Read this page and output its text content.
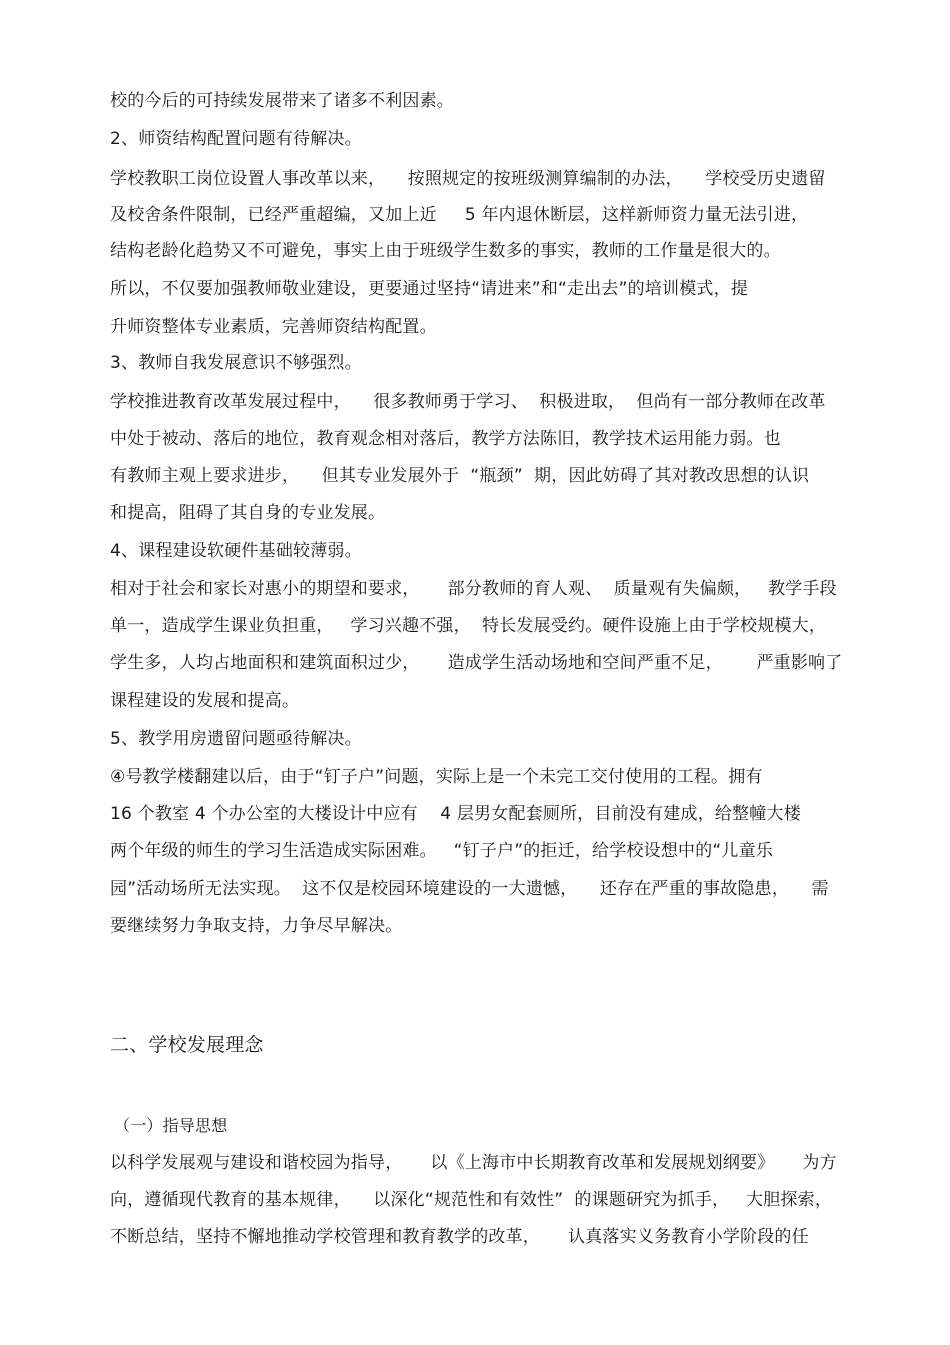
校的今后的可持续发展带来了诸多不利因素。
2、师资结构配置问题有待解决。
学校教职工岗位设置人事改革以来，    按照规定的按班级测算编制的办法，    学校受历史遗留
及校舍条件限制，已经严重超编，又加上近     5 年内退休断层，这样新师资力量无法引进，
结构老龄化趋势又不可避免，事实上由于班级学生数多的事实，教师的工作量是很大的。
所以，不仅要加强教师敬业建设，更要通过坚持“请进来”和“走出去”的培训模式，提
升师资整体专业素质，完善师资结构配置。
3、教师自我发展意识不够强烈。
学校推进教育改革发展过程中，    很多教师勇于学习、  积极进取，  但尚有一部分教师在改革
中处于被动、落后的地位，教育观念相对落后，教学方法陈旧，教学技术运用能力弱。也
有教师主观上要求进步，    但其专业发展外于  “瓶颈”  期，因此妨碍了其对教改思想的认识
和提高，阻碍了其自身的专业发展。
4、课程建设软硬件基础较薄弱。
相对于社会和家长对惠小的期望和要求，     部分教师的育人观、  质量观有失偏颇，   教学手段
单一，造成学生课业负担重，   学习兴趣不强，  特长发展受约。硬件设施上由于学校规模大，
学生多，人均占地面积和建筑面积过少，     造成学生活动场地和空间严重不足，      严重影响了
课程建设的发展和提高。
5、教学用房遗留问题亟待解决。
④号教学楼翻建以后，由于“钉子户”问题，实际上是一个未完工交付使用的工程。拥有
16 个教室 4 个办公室的大楼设计中应有    4 层男女配套厕所，目前没有建成，给整幢大楼
两个年级的师生的学习生活造成实际困难。   “钉子户”的拒迁，给学校设想中的“儿童乐
园”活动场所无法实现。  这不仅是校园环境建设的一大遗憾，    还存在严重的事故隐患，    需
要继续努力争取支持，力争尽早解决。
二、学校发展理念
（一）指导思想
以科学发展观与建设和谐校园为指导，     以《上海市中长期教育改革和发展规划纲要》     为方
向，遵循现代教育的基本规律，    以深化“规范性和有效性”  的课题研究为抓手，   大胆探索，
不断总结，坚持不懈地推动学校管理和教育教学的改革，     认真落实义务教育小学阶段的任
